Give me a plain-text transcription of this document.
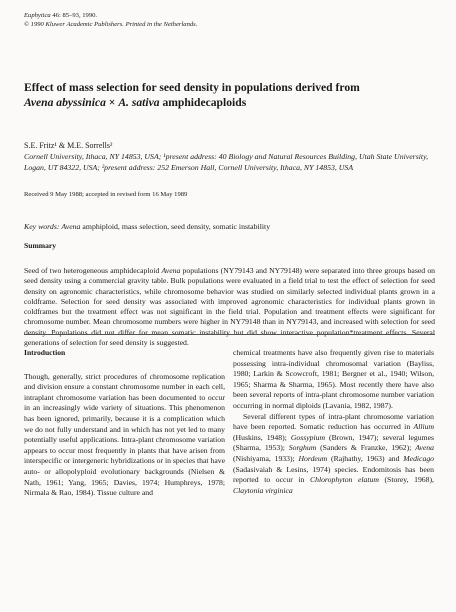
Euphytica 46: 85–93, 1990.
© 1990 Kluwer Academic Publishers. Printed in the Netherlands.
Effect of mass selection for seed density in populations derived from
Avena abyssinica × A. sativa amphidecaploids
S.E. Fritz¹ & M.E. Sorrells²
Cornell University, Ithaca, NY 14853, USA; ¹present address: 40 Biology and Natural Resources Building, Utah State University, Logan, UT 84322, USA; ²present address: 252 Emerson Hall, Cornell University, Ithaca, NY 14853, USA
Received 9 May 1988; accepted in revised form 16 May 1989
Key words: Avena amphiploid, mass selection, seed density, somatic instability
Summary
Seed of two heterogeneous amphidecaploid Avena populations (NY79143 and NY79148) were separated into three groups based on seed density using a commercial gravity table. Bulk populations were evaluated in a field trial to test the effect of selection for seed density on agronomic characteristics, while chromosome behavior was studied on similarly selected individual plants grown in a coldframe. Selection for seed density was associated with improved agronomic characteristics for individual plants grown in coldframes but the treatment effect was not significant in the field trial. Population and treatment effects were significant for chromosome number. Mean chromosome numbers were higher in NY79148 than in NY79143, and increased with selection for seed density. Populations did not differ for mean somatic instability but did show interactive population*treatment effects. Several generations of selection for seed density is suggested.
Introduction

Though, generally, strict procedures of chromosome replication and division ensure a constant chromosome number in each cell, intraplant chromosome variation has been documented to occur in an increasingly wide variety of situations. This phenomenon has been ignored, primarily, because it is a complication which we do not fully understand and in which has not yet led to many potentially useful applications. Intra-plant chromosome variation appears to occur most frequently in plants that have arisen from interspecific or intergeneric hybridizations or in species that have auto- or allopolyploid evolutionary backgrounds (Nielsen & Nath, 1961; Yang, 1965; Davies, 1974; Humphreys, 1978; Nirmala & Rao, 1984). Tissue culture and

chemical treatments have also frequently given rise to materials possessing intra-individual chromosomal variation (Bayliss, 1980; Larkin & Scowcroft, 1981; Bergner et al., 1940; Wilson, 1965; Sharma & Sharma, 1965). Most recently there have also been several reports of intra-plant chromosome number variation occurring in normal diploids (Lavania, 1982, 1987).

Several different types of intra-plant chromosome variation have been reported. Somatic reduction has occurred in Allium (Huskins, 1948); Gossypium (Brown, 1947); several legumes (Sharma, 1953); Sorghum (Sanders & Franzke, 1962); Avena (Nishiyama, 1933); Hordeum (Rajhathy, 1963) and Medicago (Sadasivaiah & Lesins, 1974) species. Endomitosis has been reported to occur in Chlorophyton elatum (Storey, 1968), Claytonia virginica
